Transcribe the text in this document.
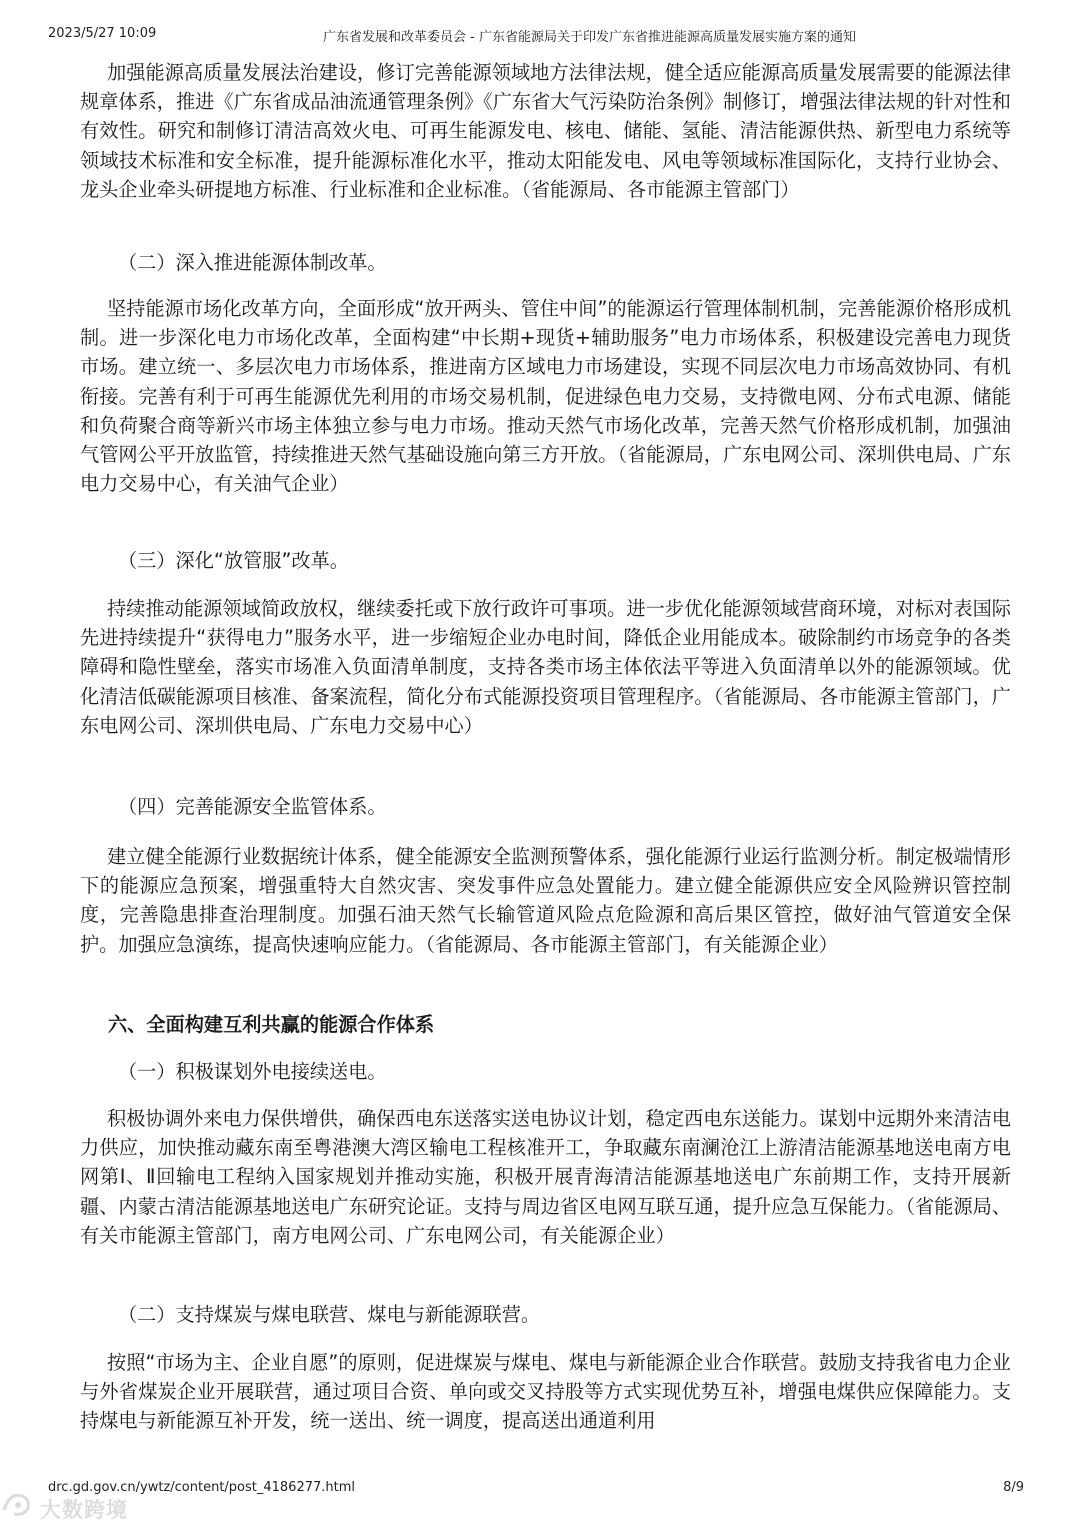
2023/5/27 10:09	广东省发展和改革委员会 - 广东省能源局关于印发广东省推进能源高质量发展实施方案的通知
加强能源高质量发展法治建设，修订完善能源领域地方法律法规，健全适应能源高质量发展需要的能源法律规章体系，推进《广东省成品油流通管理条例》《广东省大气污染防治条例》制修订，增强法律法规的针对性和有效性。研究和制修订清洁高效火电、可再生能源发电、核电、储能、氢能、清洁能源供热、新型电力系统等领域技术标准和安全标准，提升能源标准化水平，推动太阳能发电、风电等领域标准国际化，支持行业协会、龙头企业牵头研提地方标准、行业标准和企业标准。（省能源局、各市能源主管部门）
（二）深入推进能源体制改革。
坚持能源市场化改革方向，全面形成“放开两头、管住中间”的能源运行管理体制机制，完善能源价格形成机制。进一步深化电力市场化改革，全面构建“中长期+现货+辅助服务”电力市场体系，积极建设完善电力现货市场。建立统一、多层次电力市场体系，推进南方区域电力市场建设，实现不同层次电力市场高效协同、有机衔接。完善有利于可再生能源优先利用的市场交易机制，促进绿色电力交易，支持微电网、分布式电源、储能和负荷聚合商等新兴市场主体独立参与电力市场。推动天然气市场化改革，完善天然气价格形成机制，加强油气管网公平开放监管，持续推进天然气基础设施向第三方开放。（省能源局，广东电网公司、深圳供电局、广东电力交易中心，有关油气企业）
（三）深化“放管服”改革。
持续推动能源领域简政放权，继续委托或下放行政许可事项。进一步优化能源领域营商环境，对标对表国际先进持续提升“获得电力”服务水平，进一步缩短企业办电时间，降低企业用能成本。破除制约市场竞争的各类障碍和隐性壁垒，落实市场准入负面清单制度，支持各类市场主体依法平等进入负面清单以外的能源领域。优化清洁低碳能源项目核准、备案流程，简化分布式能源投资项目管理程序。（省能源局、各市能源主管部门，广东电网公司、深圳供电局、广东电力交易中心）
（四）完善能源安全监管体系。
建立健全能源行业数据统计体系，健全能源安全监测预警体系，强化能源行业运行监测分析。制定极端情形下的能源应急预案，增强重特大自然灾害、突发事件应急处置能力。建立健全能源供应安全风险辨识管控制度，完善隐患排查治理制度。加强石油天然气长输管道风险点危险源和高后果区管控，做好油气管道安全保护。加强应急演练，提高快速响应能力。（省能源局、各市能源主管部门，有关能源企业）
六、全面构建互利共赢的能源合作体系
（一）积极谋划外电接续送电。
积极协调外来电力保供增供，确保西电东送落实送电协议计划，稳定西电东送能力。谋划中远期外来清洁电力供应，加快推动藏东南至粤港澳大湾区输电工程核准开工，争取藏东南澜沧江上游清洁能源基地送电南方电网第Ⅰ、Ⅱ回输电工程纳入国家规划并推动实施，积极开展青海清洁能源基地送电广东前期工作，支持开展新疆、内蒙古清洁能源基地送电广东研究论证。支持与周边省区电网互联互通，提升应急互保能力。（省能源局、有关市能源主管部门，南方电网公司、广东电网公司，有关能源企业）
（二）支持煤炭与煤电联营、煤电与新能源联营。
按照“市场为主、企业自愿”的原则，促进煤炭与煤电、煤电与新能源企业合作联营。鼓励支持我省电力企业与外省煤炭企业开展联营，通过项目合资、单向或交叉持股等方式实现优势互补，增强电煤供应保障能力。支持煤电与新能源互补开发，统一送出、统一调度，提高送出通道利用
drc.gd.gov.cn/ywtz/content/post_4186277.html	8/9
大数跨境
